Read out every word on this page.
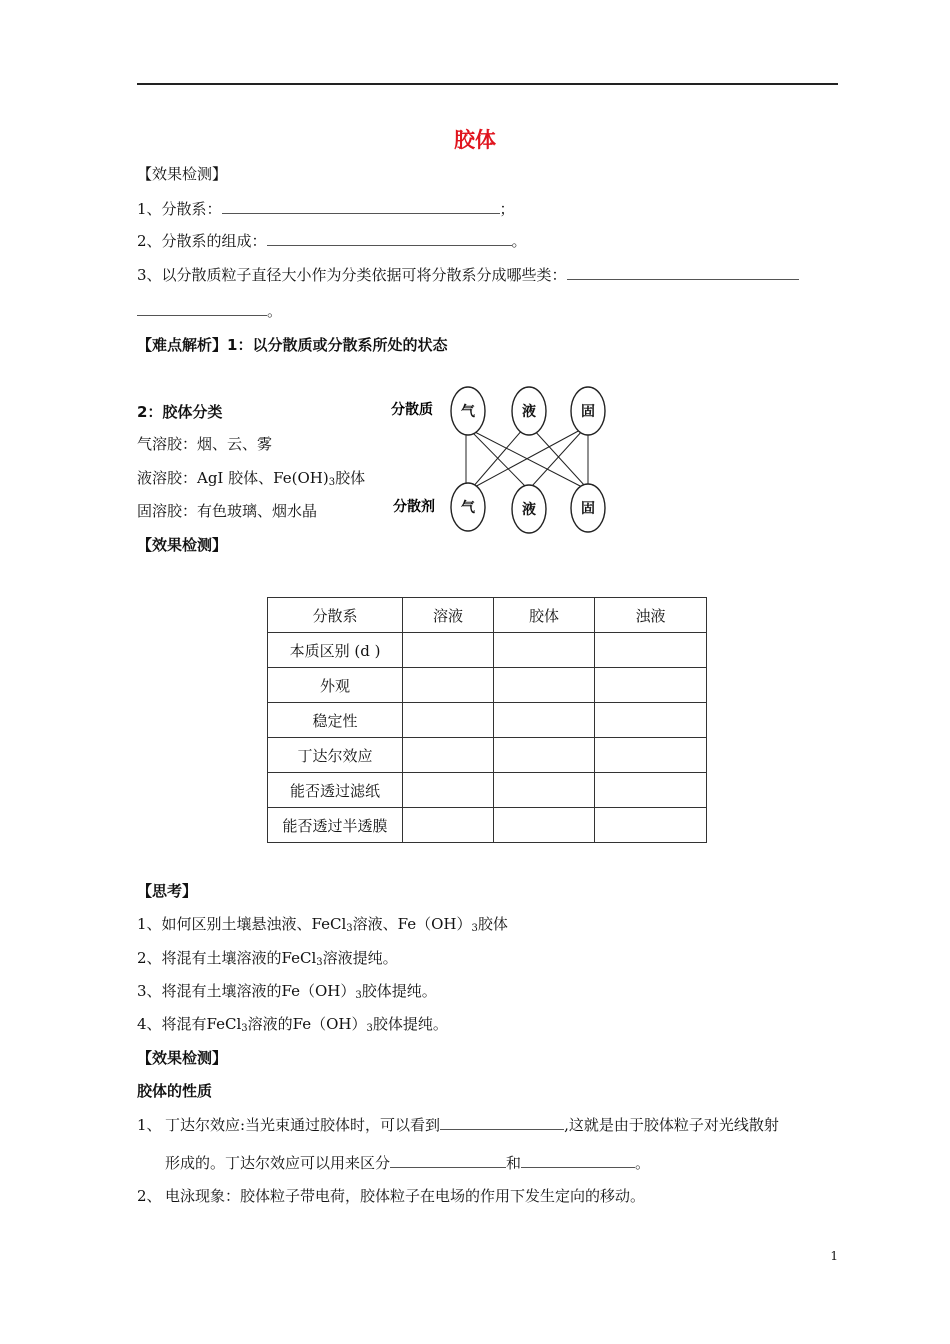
胶体
【效果检测】
1、分散系：	；
2、分散系的组成：	。
3、以分散质粒子直径大小作为分类依据可将分散系分成哪些类：
。
【难点解析】1：以分散质或分散系所处的状态
2：胶体分类
气溶胶：烟、云、雾
液溶胶：AgI 胶体、$Fe(OH)_3$胶体
固溶胶：有色玻璃、烟水晶
分散质
分散剂
气	液	固
气	液	固
【效果检测】
分散系	溶液	胶体	浊液
本质区别 (d )			
外观			
稳定性			
丁达尔效应			
能否透过滤纸			
能否透过半透膜			
【思考】
1、如何区别土壤悬浊液、FeCl$_3$溶液、$Fe(OH)_3$胶体
2、将混有土壤溶液的FeCl$_3$溶液提纯。
3、将混有土壤溶液的$Fe(OH)_3$胶体提纯。
4、将混有FeCl$_3$溶液的$Fe(OH)_3$胶体提纯。
【效果检测】
胶体的性质
1、 丁达尔效应:当光束通过胶体时，可以看到	,这就是由于胶体粒子对光线散射
形成的。丁达尔效应可以用来区分	和	。
2、 电泳现象：胶体粒子带电荷，胶体粒子在电场的作用下发生定向的移动。
1
